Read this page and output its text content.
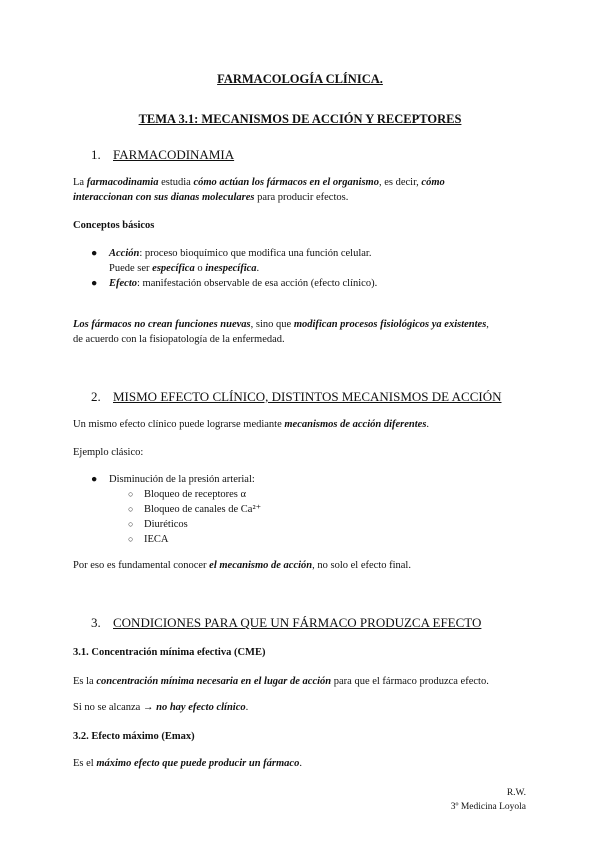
FARMACOLOGÍA CLÍNICA.
TEMA 3.1: MECANISMOS DE ACCIÓN Y RECEPTORES
1. FARMACODINAMIA
La farmacodinamia estudia cómo actúan los fármacos en el organismo, es decir, cómo
interaccionan con sus dianas moleculares para producir efectos.
Conceptos básicos
● Acción: proceso bioquímico que modifica una función celular.
Puede ser específica o inespecífica.
● Efecto: manifestación observable de esa acción (efecto clínico).
Los fármacos no crean funciones nuevas, sino que modifican procesos fisiológicos ya existentes,
de acuerdo con la fisiopatología de la enfermedad.
2. MISMO EFECTO CLÍNICO, DISTINTOS MECANISMOS DE ACCIÓN
Un mismo efecto clínico puede lograrse mediante mecanismos de acción diferentes.
Ejemplo clásico:
● Disminución de la presión arterial:
○ Bloqueo de receptores α
○ Bloqueo de canales de Ca²⁺
○ Diuréticos
○ IECA
Por eso es fundamental conocer el mecanismo de acción, no solo el efecto final.
3. CONDICIONES PARA QUE UN FÁRMACO PRODUZCA EFECTO
3.1. Concentración mínima efectiva (CME)
Es la concentración mínima necesaria en el lugar de acción para que el fármaco produzca efecto.
Si no se alcanza → no hay efecto clínico.
3.2. Efecto máximo (Emax)
Es el máximo efecto que puede producir un fármaco.
R.W.
3º Medicina Loyola
